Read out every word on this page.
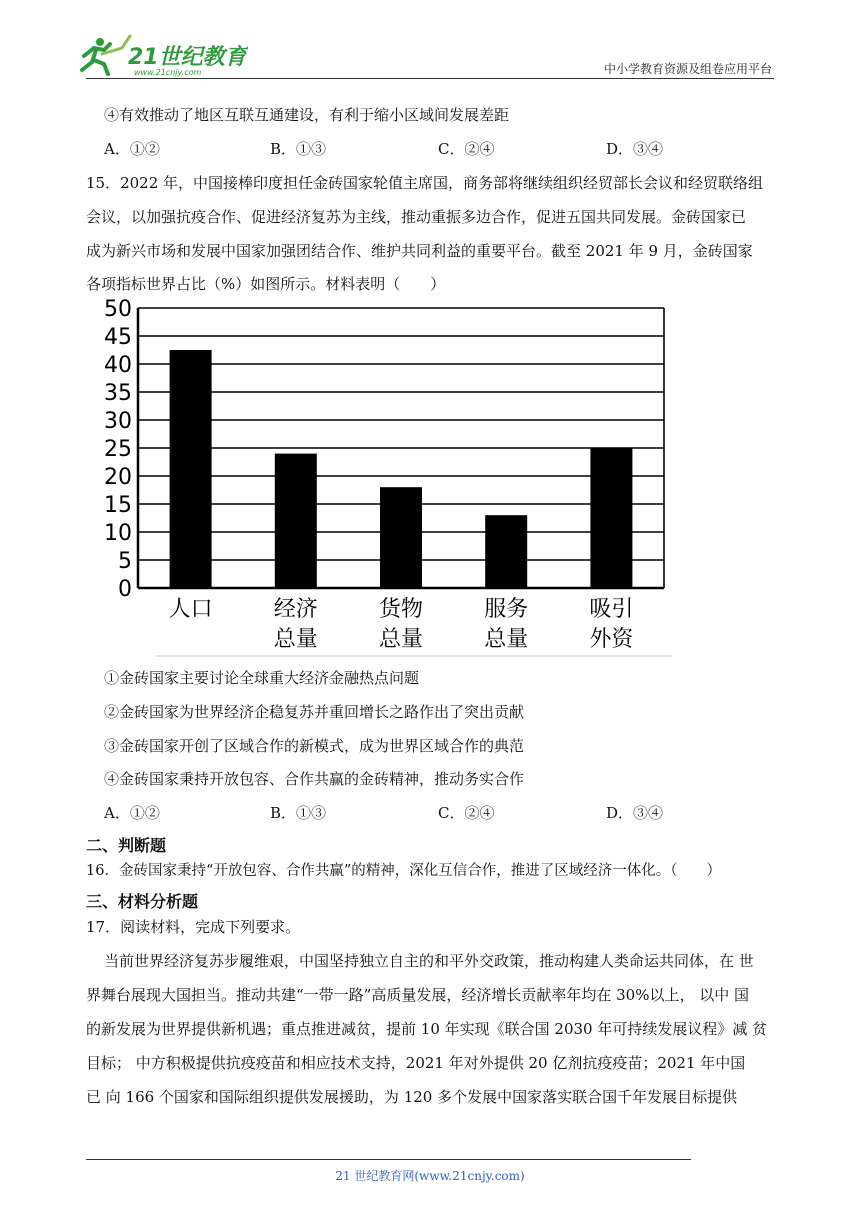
21世纪教育
www.21cnjy.com	中小学教育资源及组卷应用平台
④有效推动了地区互联互通建设，有利于缩小区域间发展差距
A．①②	B．①③	C．②④	D．③④
15．2022 年，中国接棒印度担任金砖国家轮值主席国，商务部将继续组织经贸部长会议和经贸联络组
会议，以加强抗疫合作、促进经济复苏为主线，推动重振多边合作，促进五国共同发展。金砖国家已
成为新兴市场和发展中国家加强团结合作、维护共同利益的重要平台。截至 2021 年 9 月，金砖国家
各项指标世界占比（%）如图所示。材料表明（　　）
0
5
10
15
20
25
30
35
40
45
50
人口	经济
总量
货物
总量
服务
总量
吸引
外资
①金砖国家主要讨论全球重大经济金融热点问题
②金砖国家为世界经济企稳复苏并重回增长之路作出了突出贡献
③金砖国家开创了区域合作的新模式，成为世界区域合作的典范
④金砖国家秉持开放包容、合作共赢的金砖精神，推动务实合作
A．①②	B．①③	C．②④	D．③④
二、判断题
16．金砖国家秉持“开放包容、合作共赢”的精神，深化互信合作，推进了区域经济一体化。（　　）
三、材料分析题
17．阅读材料，完成下列要求。
当前世界经济复苏步履维艰，中国坚持独立自主的和平外交政策，推动构建人类命运共同体，在 世
界舞台展现大国担当。推动共建“一带一路”高质量发展，经济增长贡献率年均在 30%以上， 以中 国
的新发展为世界提供新机遇；重点推进减贫，提前 10 年实现《联合国 2030 年可持续发展议程》减 贫
目标； 中方积极提供抗疫疫苗和相应技术支持，2021 年对外提供 20 亿剂抗疫疫苗；2021 年中国
已 向 166 个国家和国际组织提供发展援助，为 120 多个发展中国家落实联合国千年发展目标提供
21 世纪教育网(www.21cnjy.com)
